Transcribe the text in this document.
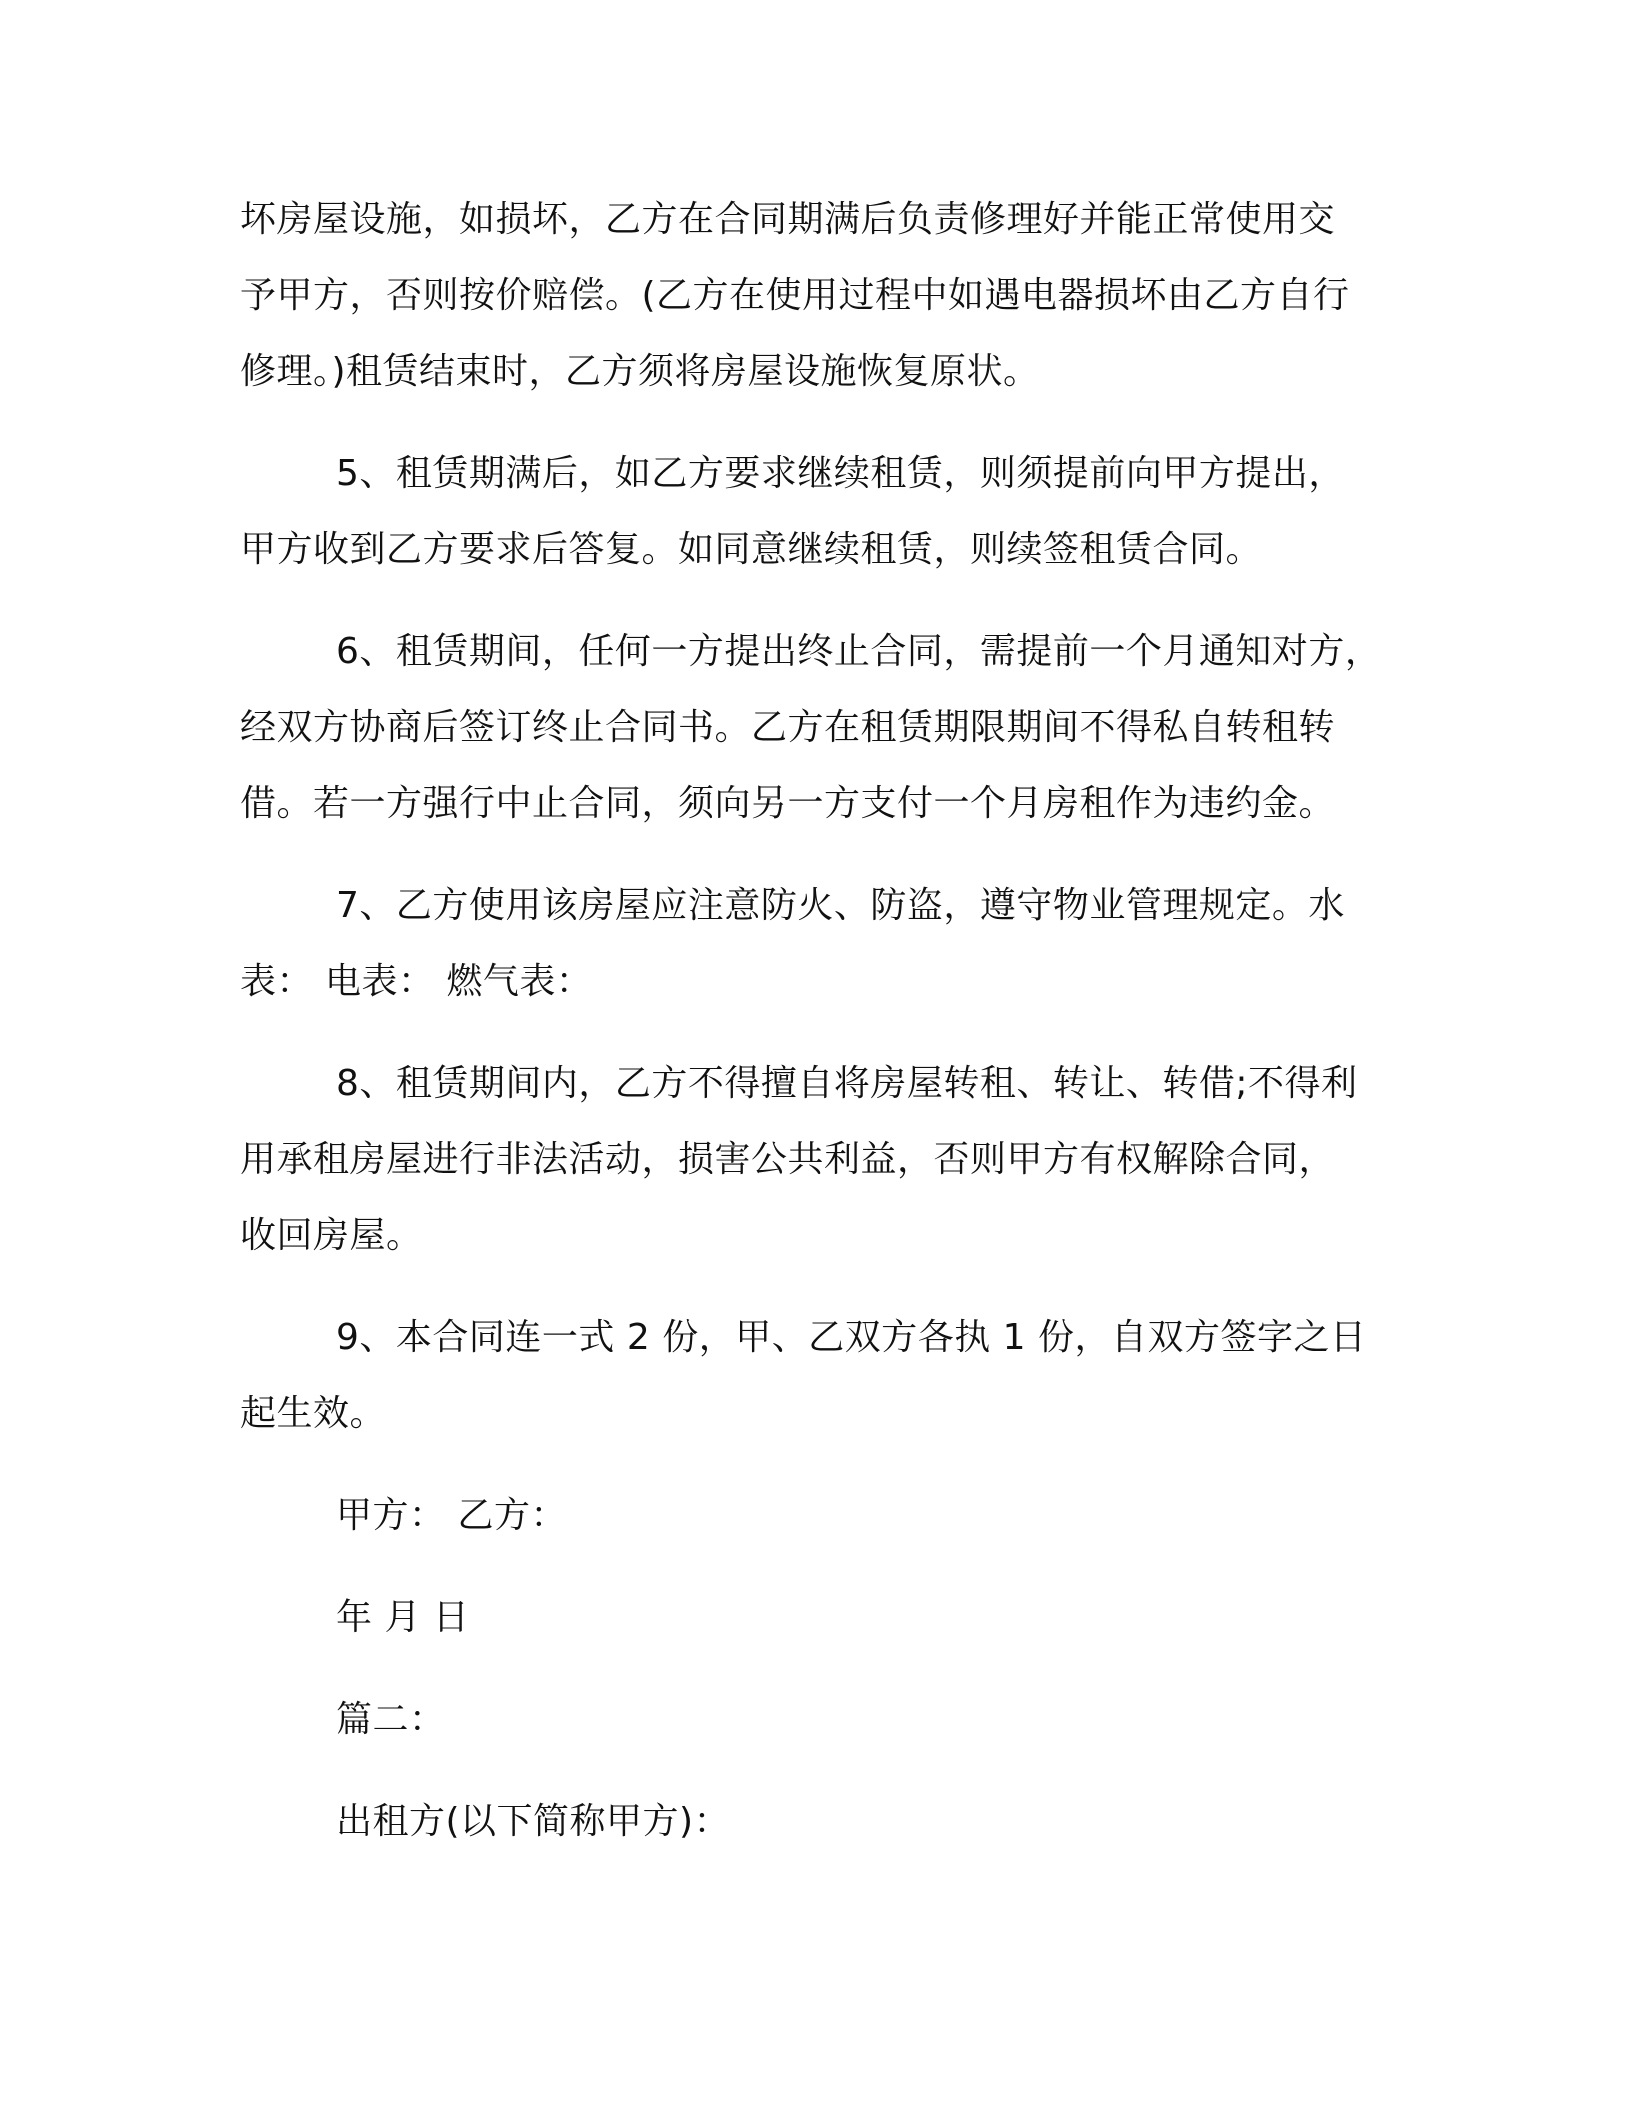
坏房屋设施，如损坏，乙方在合同期满后负责修理好并能正常使用交
予甲方，否则按价赔偿。(乙方在使用过程中如遇电器损坏由乙方自行
修理。)租赁结束时，乙方须将房屋设施恢复原状。
5、租赁期满后，如乙方要求继续租赁，则须提前向甲方提出，
甲方收到乙方要求后答复。如同意继续租赁，则续签租赁合同。
6、租赁期间，任何一方提出终止合同，需提前一个月通知对方，
经双方协商后签订终止合同书。乙方在租赁期限期间不得私自转租转
借。若一方强行中止合同，须向另一方支付一个月房租作为违约金。
7、乙方使用该房屋应注意防火、防盗，遵守物业管理规定。水
表： 电表： 燃气表：
8、租赁期间内，乙方不得擅自将房屋转租、转让、转借;不得利
用承租房屋进行非法活动，损害公共利益，否则甲方有权解除合同，
收回房屋。
9、本合同连一式 2 份，甲、乙双方各执 1 份，自双方签字之日
起生效。
甲方： 乙方：
年 月 日
篇二：
出租方(以下简称甲方)：
